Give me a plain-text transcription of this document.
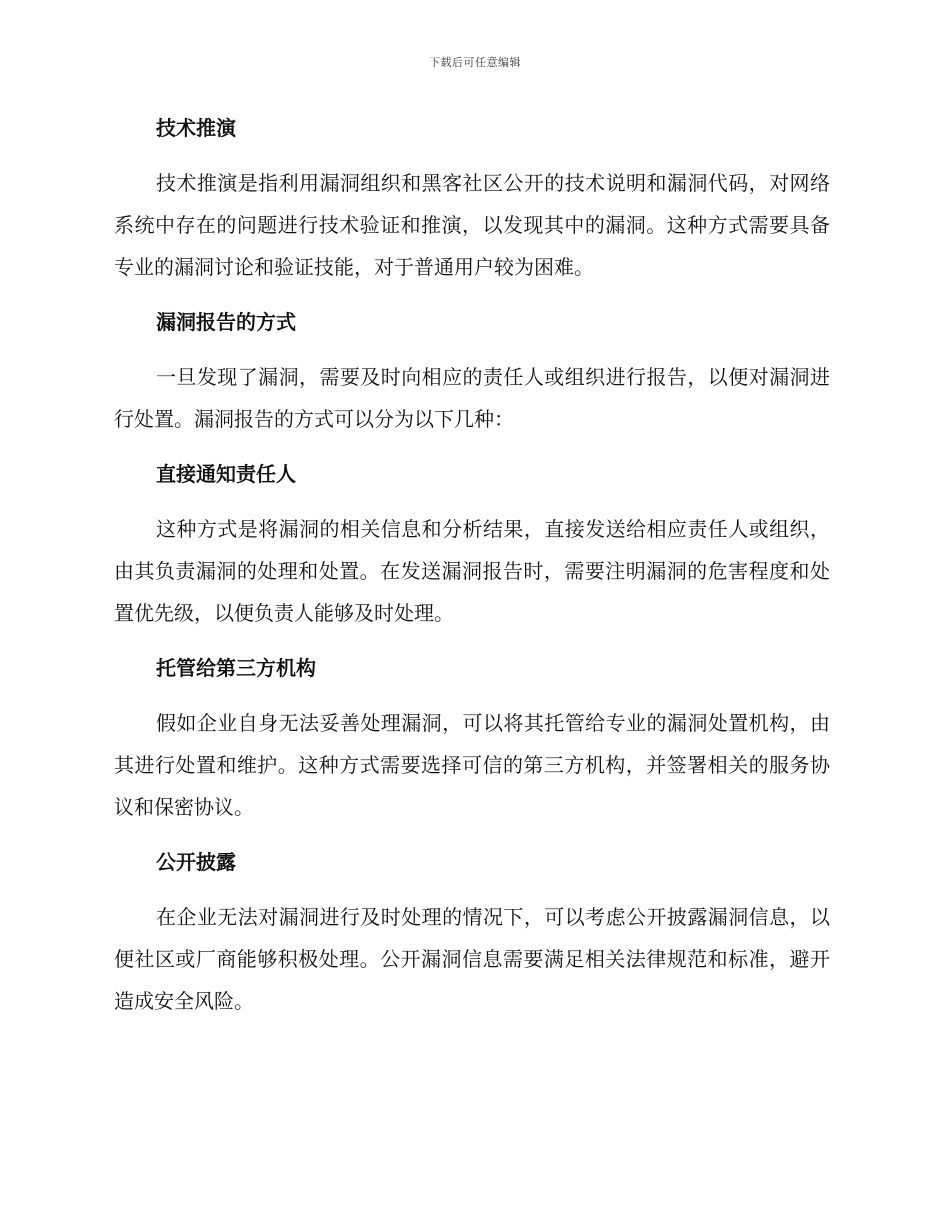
下载后可任意编辑
技术推演
技术推演是指利用漏洞组织和黑客社区公开的技术说明和漏洞代码，对网络系统中存在的问题进行技术验证和推演，以发现其中的漏洞。这种方式需要具备专业的漏洞讨论和验证技能，对于普通用户较为困难。
漏洞报告的方式
一旦发现了漏洞，需要及时向相应的责任人或组织进行报告，以便对漏洞进行处置。漏洞报告的方式可以分为以下几种：
直接通知责任人
这种方式是将漏洞的相关信息和分析结果，直接发送给相应责任人或组织，由其负责漏洞的处理和处置。在发送漏洞报告时，需要注明漏洞的危害程度和处置优先级，以便负责人能够及时处理。
托管给第三方机构
假如企业自身无法妥善处理漏洞，可以将其托管给专业的漏洞处置机构，由其进行处置和维护。这种方式需要选择可信的第三方机构，并签署相关的服务协议和保密协议。
公开披露
在企业无法对漏洞进行及时处理的情况下，可以考虑公开披露漏洞信息，以便社区或厂商能够积极处理。公开漏洞信息需要满足相关法律规范和标准，避开造成安全风险。
